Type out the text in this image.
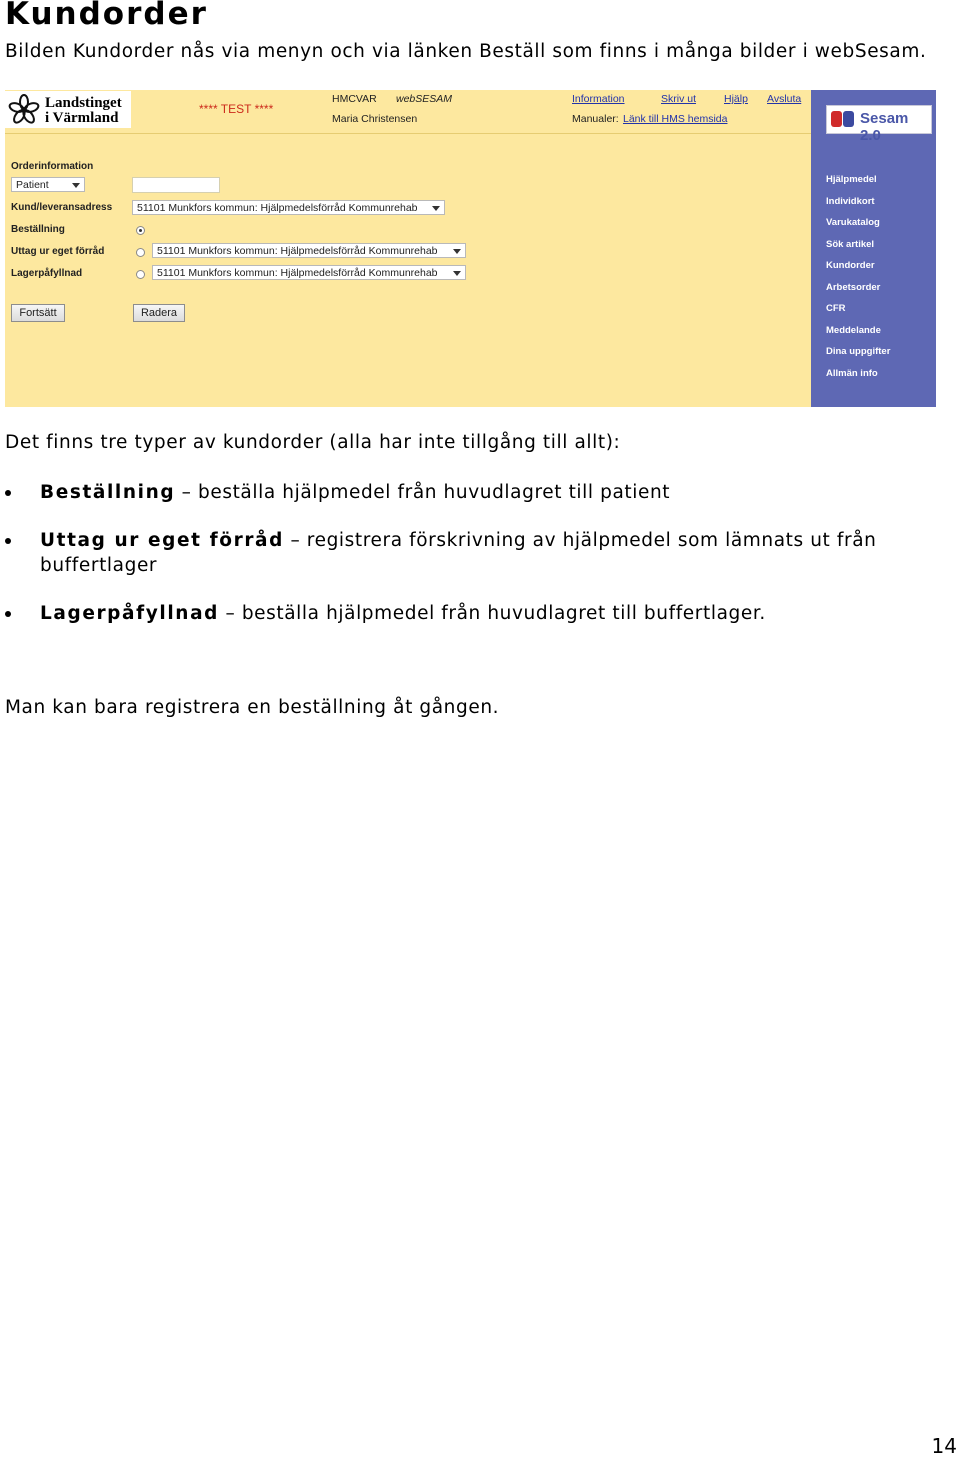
Kundorder

Bilden Kundorder nås via menyn och via länken Beställ som finns i många bilder i webSesam.

Landstinget
i Värmland
**** TEST ****
HMCVAR webSESAM
Maria Christensen
Information	Skriv ut	Hjälp Avsluta
Manualer: Länk till HMS hemsida	Sesam 2.0
Hjälpmedel
Individkort
Varukatalog
Sök artikel
Kundorder
Arbetsorder
CFR
Meddelande
Dina uppgifter
Allmän info
Orderinformation
Patient
Kund/leveransadress	51101 Munkfors kommun: Hjälpmedelsförråd Kommunrehab
Beställning
Uttag ur eget förråd	51101 Munkfors kommun: Hjälpmedelsförråd Kommunrehab
Lagerpåfyllnad	51101 Munkfors kommun: Hjälpmedelsförråd Kommunrehab
Fortsätt	Radera

Det finns tre typer av kundorder (alla har inte tillgång till allt):

Beställning – beställa hjälpmedel från huvudlagret till patient

Uttag ur eget förråd – registrera förskrivning av hjälpmedel som lämnats ut från buffertlager

Lagerpåfyllnad – beställa hjälpmedel från huvudlagret till buffertlager.

Man kan bara registrera en beställning åt gången.

14
